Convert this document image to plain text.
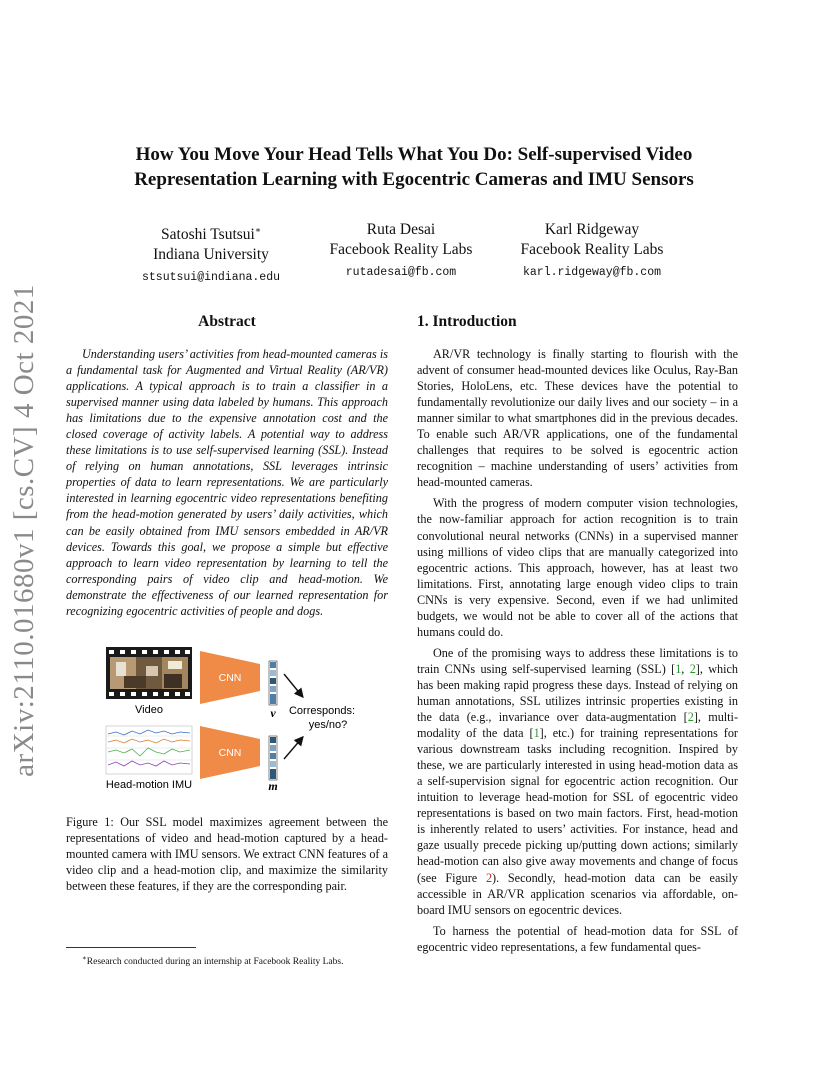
arXiv:2110.01680v1 [cs.CV] 4 Oct 2021
How You Move Your Head Tells What You Do: Self-supervised Video
Representation Learning with Egocentric Cameras and IMU Sensors
Satoshi Tsutsui∗
Indiana University
stsutsui@indiana.edu
Ruta Desai
Facebook Reality Labs
rutadesai@fb.com
Karl Ridgeway
Facebook Reality Labs
karl.ridgeway@fb.com
Abstract

Understanding users’ activities from head-mounted cameras is a fundamental task for Augmented and Virtual Reality (AR/VR) applications. A typical approach is to train a classifier in a supervised manner using data labeled by humans. This approach has limitations due to the expensive annotation cost and the closed coverage of activity labels. A potential way to address these limitations is to use self-supervised learning (SSL). Instead of relying on human annotations, SSL leverages intrinsic properties of data to learn representations. We are particularly interested in learning egocentric video representations benefiting from the head-motion generated by users’ daily activities, which can be easily obtained from IMU sensors embedded in AR/VR devices. Towards this goal, we propose a simple but effective approach to learn video representation by learning to tell the corresponding pairs of video clip and head-motion. We demonstrate the effectiveness of our learned representation for recognizing egocentric activities of people and dogs.

Video
Head-motion IMU
CNN
CNN
v
m
Corresponds:
yes/no?

Figure 1: Our SSL model maximizes agreement between the representations of video and head-motion captured by a head-mounted camera with IMU sensors. We extract CNN features of a video clip and a head-motion clip, and maximize the similarity between these features, if they are the corresponding pair.

∗Research conducted during an internship at Facebook Reality Labs.
1. Introduction

AR/VR technology is finally starting to flourish with the advent of consumer head-mounted devices like Oculus, Ray-Ban Stories, HoloLens, etc. These devices have the potential to fundamentally revolutionize our daily lives and our society – in a manner similar to what smartphones did in the previous decades. To enable such AR/VR applications, one of the fundamental challenges that requires to be solved is egocentric action recognition – machine understanding of users’ activities from head-mounted cameras.

With the progress of modern computer vision technologies, the now-familiar approach for action recognition is to train convolutional neural networks (CNNs) in a supervised manner using millions of video clips that are manually categorized into egocentric actions. This approach, however, has at least two limitations. First, annotating large enough video clips to train CNNs is very expensive. Second, even if we had unlimited budgets, we would not be able to cover all of the actions that humans could do.

One of the promising ways to address these limitations is to train CNNs using self-supervised learning (SSL) [1, 2], which has been making rapid progress these days. Instead of relying on human annotations, SSL utilizes intrinsic properties existing in the data (e.g., invariance over data-augmentation [2], multi-modality of the data [1], etc.) for training representations for various downstream tasks including recognition. Inspired by these, we are particularly interested in using head-motion data as a self-supervision signal for egocentric action recognition. Our intuition to leverage head-motion for SSL of egocentric video representations is based on two main factors. First, head-motion is inherently related to users’ activities. For instance, head and gaze usually precede picking up/putting down actions; similarly head-motion can also give away movements and change of focus (see Figure 2). Secondly, head-motion data can be easily accessible in AR/VR application scenarios via affordable, on-board IMU sensors on egocentric devices.

To harness the potential of head-motion data for SSL of egocentric video representations, a few fundamental ques-
